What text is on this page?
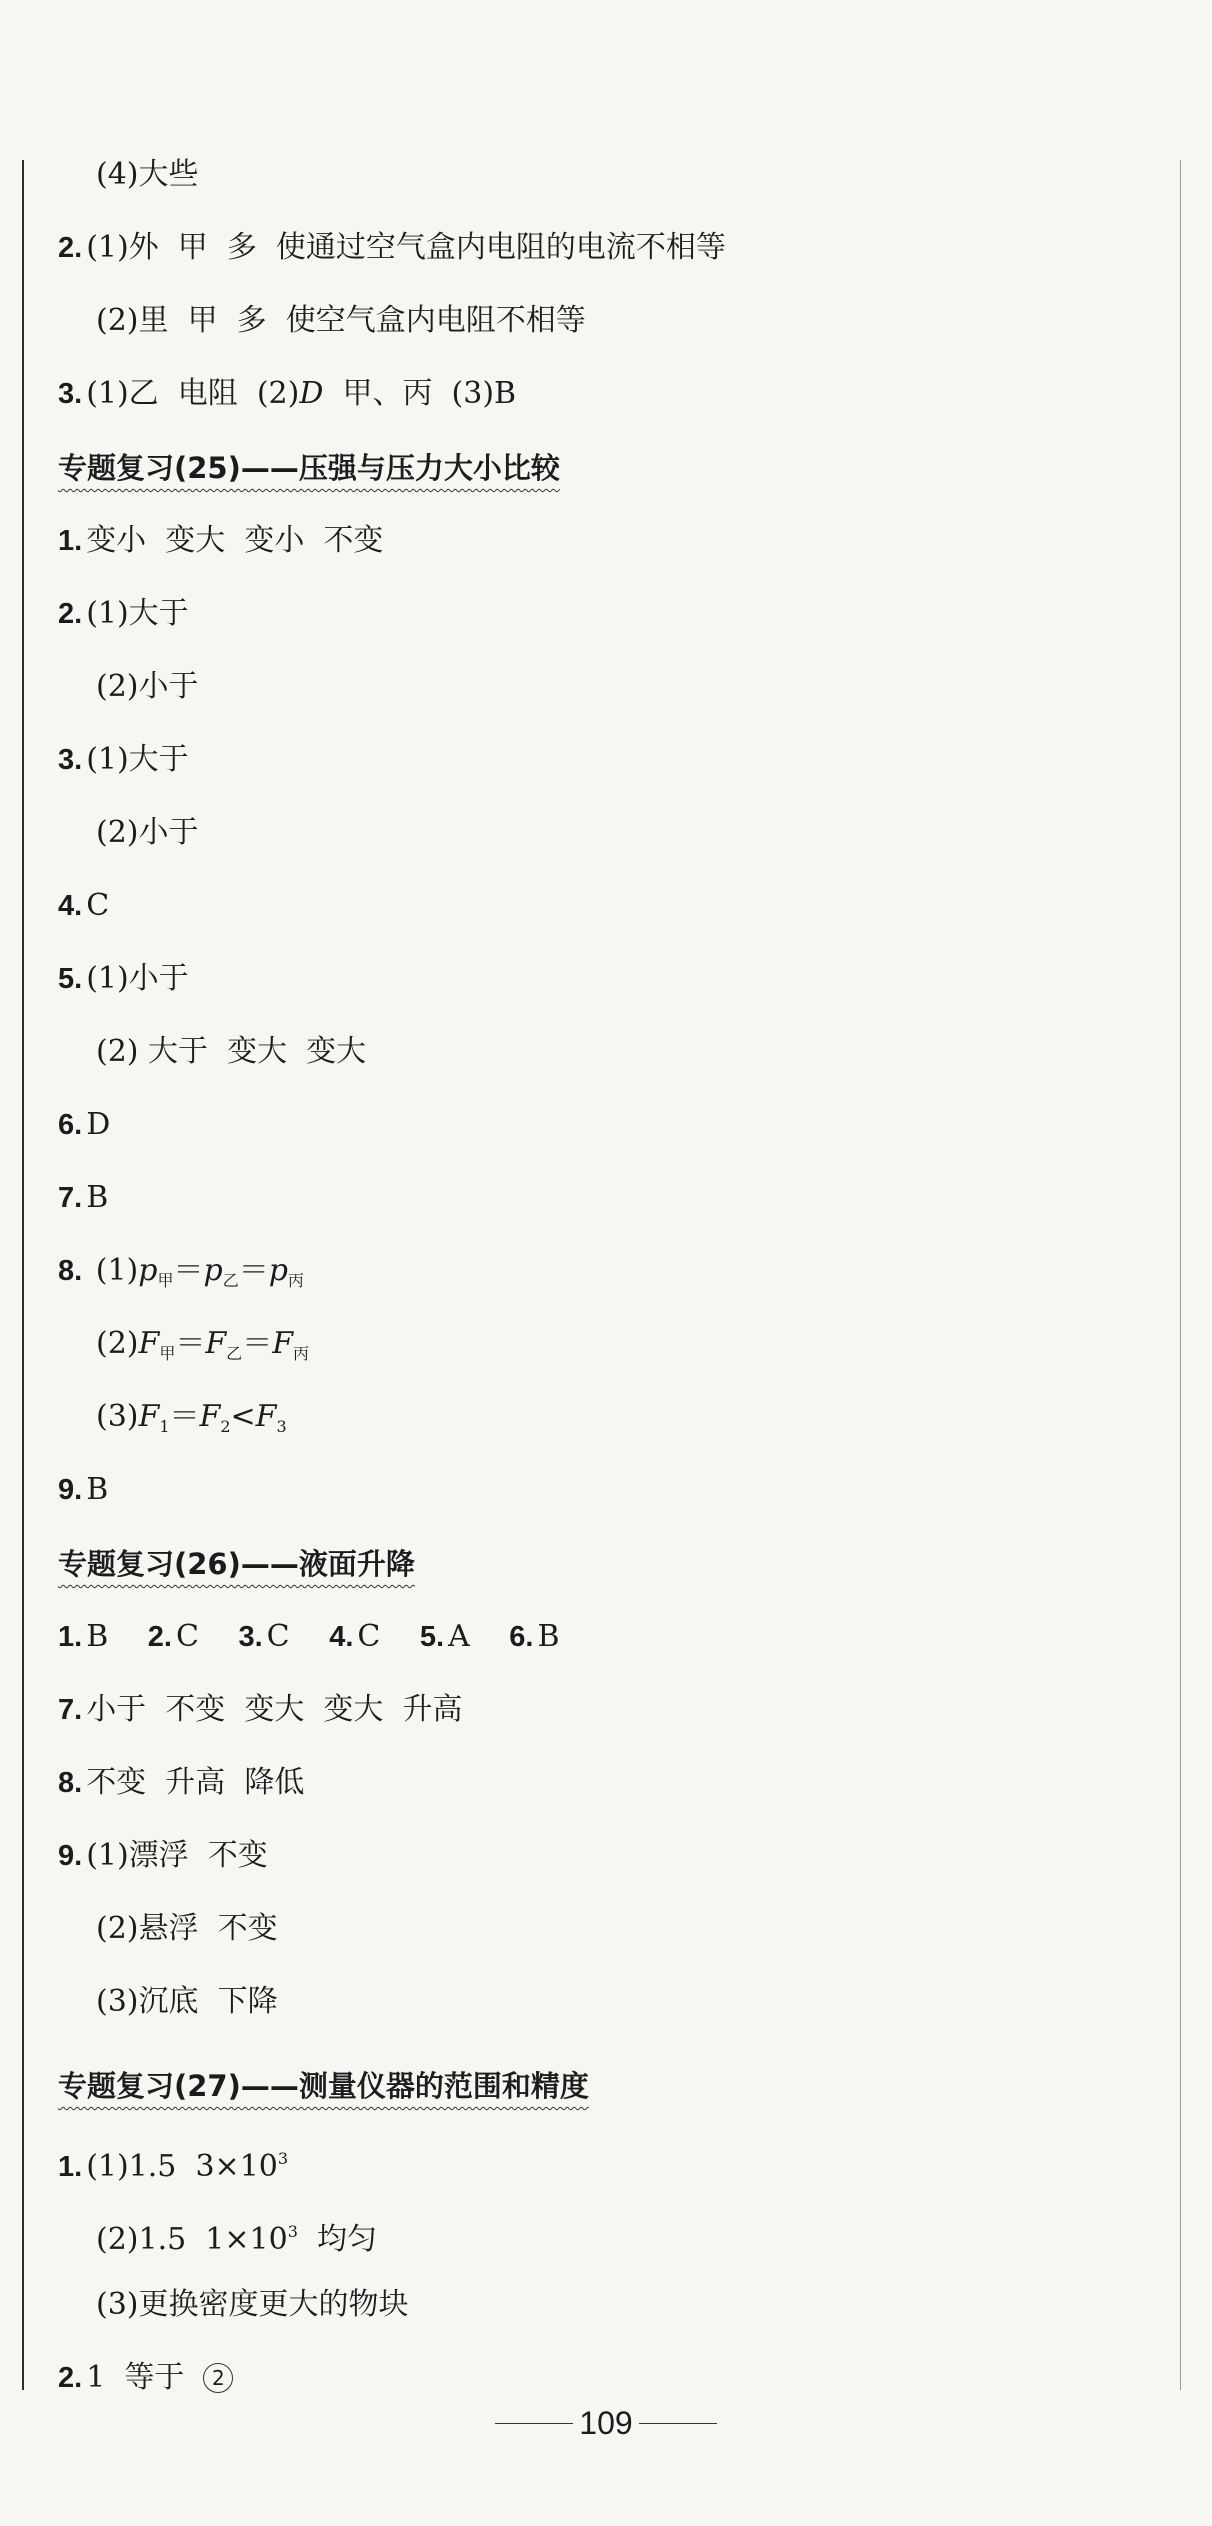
(4)大些
2. (1)外  甲  多  使通过空气盒内电阻的电流不相等
(2)里  甲  多  使空气盒内电阻不相等
3. (1)乙  电阻  (2)D  甲、丙  (3)B
专题复习(25)——压强与压力大小比较
1. 变小  变大  变小  不变
2. (1)大于
(2)小于
3. (1)大于
(2)小于
4. C
5. (1)小于
(2) 大于  变大  变大
6. D
7. B
8. $(1)p_甲=p_乙=p_丙$
$(2)F_甲=F_乙=F_丙$
$(3)F_1=F_2<F_3$
9. B
专题复习(26)——液面升降
1. B 2. C 3. C 4. C 5. A 6. B
7. 小于  不变  变大  变大  升高
8. 不变  升高  降低
9. (1)漂浮  不变
(2)悬浮  不变
(3)沉底  下降
专题复习(27)——测量仪器的范围和精度
1. (1)1.5  $3\times 10^3$
(2)1.5  $1\times 10^3$  均匀
(3)更换密度更大的物块
2. 1  等于  2
109
